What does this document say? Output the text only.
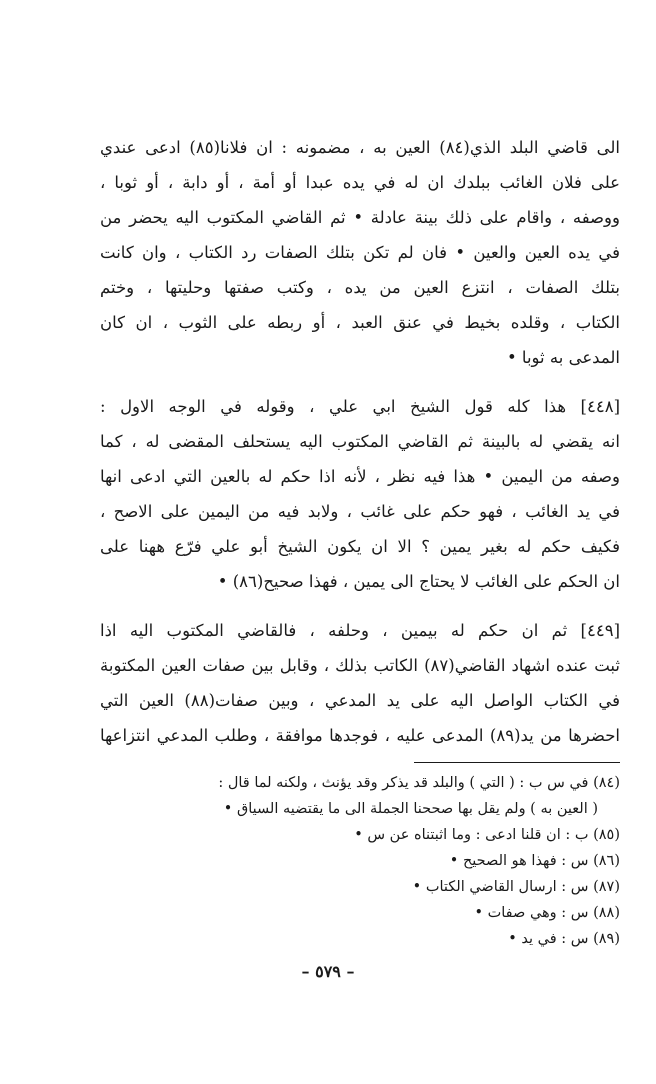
الى قاضي البلد الذي(٨٤) العين به ، مضمونه : ان فلانا(٨٥) ادعى عندي
على فلان الغائب ببلدك ان له في يده عبدا أو أمة ، أو دابة ، أو ثوبا ،
ووصفه ، واقام على ذلك بينة عادلة • ثم القاضي المكتوب اليه يحضر من
في يده العين والعين • فان لم تكن بتلك الصفات رد الكتاب ، وان كانت
بتلك الصفات ، انتزع العين من يده ، وكتب صفتها وحليتها ، وختم
الكتاب ، وقلده بخيط في عنق العبد ، أو ربطه على الثوب ، ان كان
المدعى به ثوبا •
[٤٤٨] هذا كله قول الشيخ ابي علي ، وقوله في الوجه الاول :
انه يقضي له بالبينة ثم القاضي المكتوب اليه يستحلف المقضى له ، كما
وصفه من اليمين • هذا فيه نظر ، لأنه اذا حكم له بالعين التي ادعى انها
في يد الغائب ، فهو حكم على غائب ، ولابد فيه من اليمين على الاصح ،
فكيف حكم له بغير يمين ؟ الا ان يكون الشيخ أبو علي فرّع ههنا على
ان الحكم على الغائب لا يحتاج الى يمين ، فهذا صحيح(٨٦) •
[٤٤٩] ثم ان حكم له بيمين ، وحلفه ، فالقاضي المكتوب اليه اذا
ثبت عنده اشهاد القاضي(٨٧) الكاتب بذلك ، وقابل بين صفات العين المكتوبة
في الكتاب الواصل اليه على يد المدعي ، وبين صفات(٨٨) العين التي
احضرها من يد(٨٩) المدعى عليه ، فوجدها موافقة ، وطلب المدعي انتزاعها
(٨٤) في س ب : ( التي ) والبلد قد يذكر وقد يؤنث ، ولكنه لما قال :
( العين به ) ولم يقل بها صححنا الجملة الى ما يقتضيه السياق •
(٨٥) ب : ان قلنا ادعى : وما اثبتناه عن س •
(٨٦) س : فهذا هو الصحيح •
(٨٧) س : ارسال القاضي الكتاب •
(٨٨) س : وهي صفات •
(٨٩) س : في يد •
– ٥٧٩ –
